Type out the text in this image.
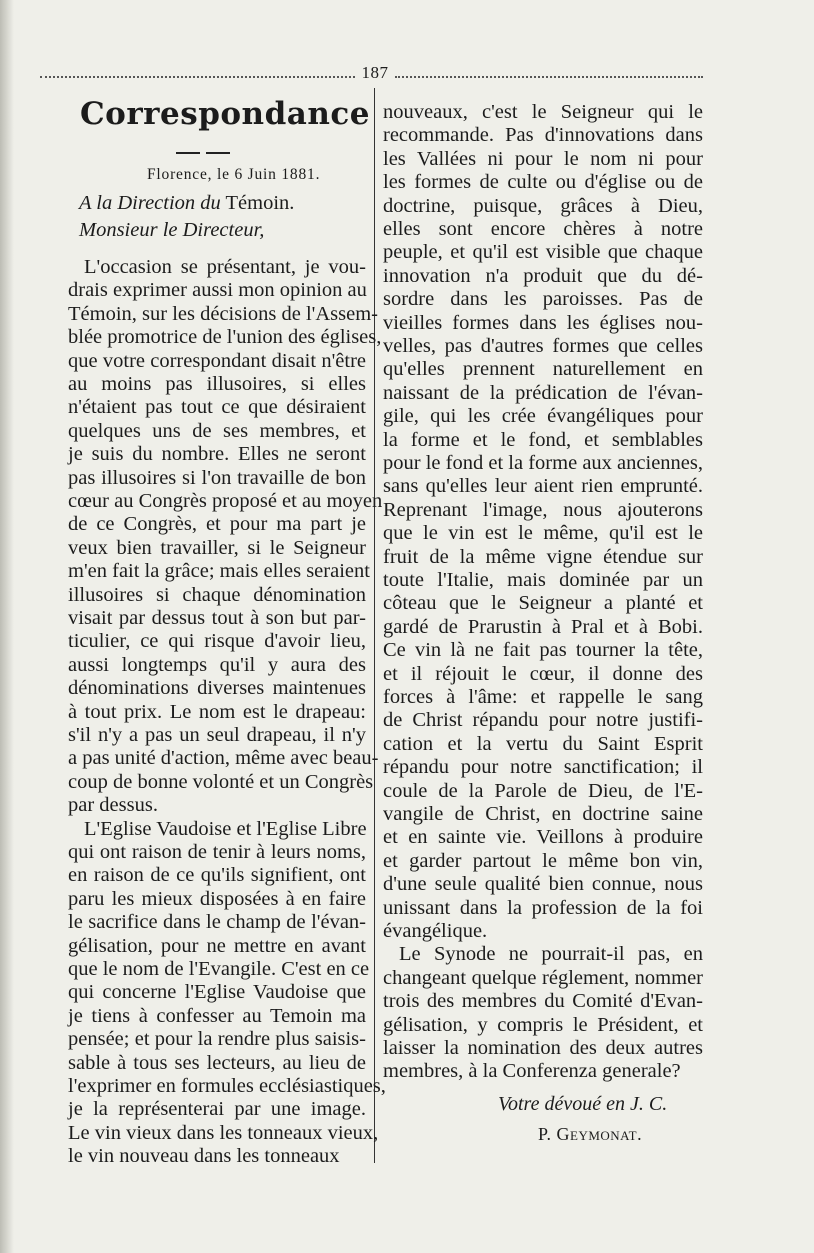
187
Correspondance
Florence, le 6 Juin 1881.
A la Direction du Témoin.
Monsieur le Directeur,
L'occasion se présentant, je vou-
drais exprimer aussi mon opinion au
Témoin, sur les décisions de l'Assem-
blée promotrice de l'union des églises,
que votre correspondant disait n'être
au moins pas illusoires, si elles
n'étaient pas tout ce que désiraient
quelques uns de ses membres, et
je suis du nombre. Elles ne seront
pas illusoires si l'on travaille de bon
cœur au Congrès proposé et au moyen
de ce Congrès, et pour ma part je
veux bien travailler, si le Seigneur
m'en fait la grâce; mais elles seraient
illusoires si chaque dénomination
visait par dessus tout à son but par-
ticulier, ce qui risque d'avoir lieu,
aussi longtemps qu'il y aura des
dénominations diverses maintenues
à tout prix. Le nom est le drapeau:
s'il n'y a pas un seul drapeau, il n'y
a pas unité d'action, même avec beau-
coup de bonne volonté et un Congrès
par dessus.
L'Eglise Vaudoise et l'Eglise Libre
qui ont raison de tenir à leurs noms,
en raison de ce qu'ils signifient, ont
paru les mieux disposées à en faire
le sacrifice dans le champ de l'évan-
gélisation, pour ne mettre en avant
que le nom de l'Evangile. C'est en ce
qui concerne l'Eglise Vaudoise que
je tiens à confesser au Temoin ma
pensée; et pour la rendre plus saisis-
sable à tous ses lecteurs, au lieu de
l'exprimer en formules ecclésiastiques,
je la représenterai par une image.
Le vin vieux dans les tonneaux vieux,
le vin nouveau dans les tonneaux
nouveaux, c'est le Seigneur qui le
recommande. Pas d'innovations dans
les Vallées ni pour le nom ni pour
les formes de culte ou d'église ou de
doctrine, puisque, grâces à Dieu,
elles sont encore chères à notre
peuple, et qu'il est visible que chaque
innovation n'a produit que du dé-
sordre dans les paroisses. Pas de
vieilles formes dans les églises nou-
velles, pas d'autres formes que celles
qu'elles prennent naturellement en
naissant de la prédication de l'évan-
gile, qui les crée évangéliques pour
la forme et le fond, et semblables
pour le fond et la forme aux anciennes,
sans qu'elles leur aient rien emprunté.
Reprenant l'image, nous ajouterons
que le vin est le même, qu'il est le
fruit de la même vigne étendue sur
toute l'Italie, mais dominée par un
côteau que le Seigneur a planté et
gardé de Prarustin à Pral et à Bobi.
Ce vin là ne fait pas tourner la tête,
et il réjouit le cœur, il donne des
forces à l'âme: et rappelle le sang
de Christ répandu pour notre justifi-
cation et la vertu du Saint Esprit
répandu pour notre sanctification; il
coule de la Parole de Dieu, de l'E-
vangile de Christ, en doctrine saine
et en sainte vie. Veillons à produire
et garder partout le même bon vin,
d'une seule qualité bien connue, nous
unissant dans la profession de la foi
évangélique.
Le Synode ne pourrait-il pas, en
changeant quelque réglement, nommer
trois des membres du Comité d'Evan-
gélisation, y compris le Président, et
laisser la nomination des deux autres
membres, à la Conferenza generale?
Votre dévoué en J. C.
P. Geymonat.
